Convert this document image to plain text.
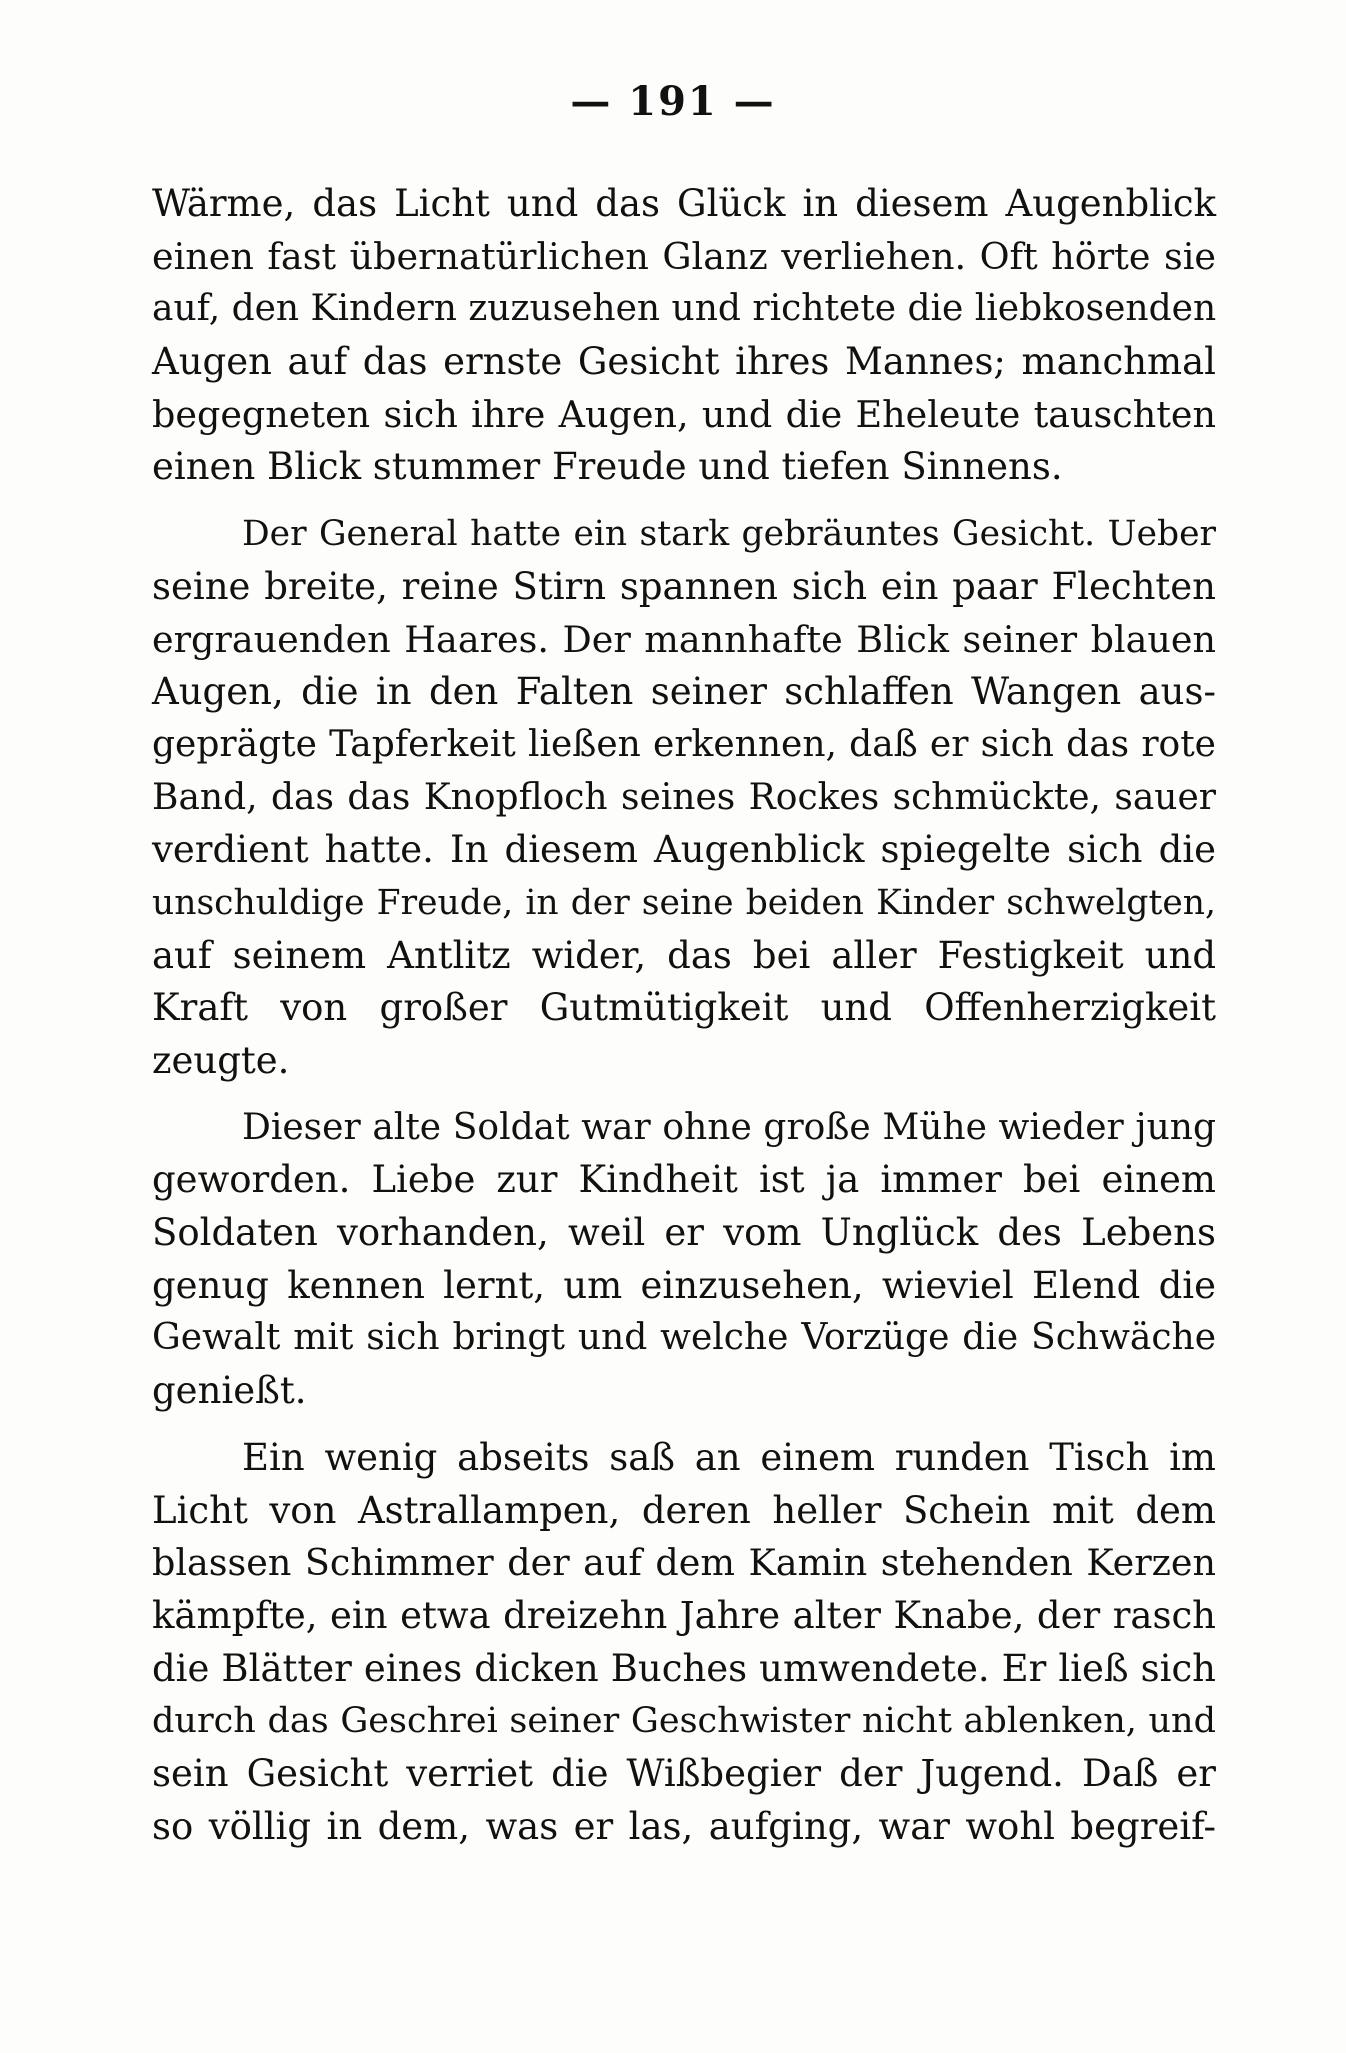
— 191 —
Wärme, das Licht und das Glück in diesem Augenblick
einen fast übernatürlichen Glanz verliehen. Oft hörte sie
auf, den Kindern zuzusehen und richtete die liebkosenden
Augen auf das ernste Gesicht ihres Mannes; manchmal
begegneten sich ihre Augen, und die Eheleute tauschten
einen Blick stummer Freude und tiefen Sinnens.
Der General hatte ein stark gebräuntes Gesicht. Ueber
seine breite, reine Stirn spannen sich ein paar Flechten
ergrauenden Haares. Der mannhafte Blick seiner blauen
Augen, die in den Falten seiner schlaffen Wangen aus-
geprägte Tapferkeit ließen erkennen, daß er sich das rote
Band, das das Knopfloch seines Rockes schmückte, sauer
verdient hatte. In diesem Augenblick spiegelte sich die
unschuldige Freude, in der seine beiden Kinder schwelgten,
auf seinem Antlitz wider, das bei aller Festigkeit und
Kraft von großer Gutmütigkeit und Offenherzigkeit
zeugte.
Dieser alte Soldat war ohne große Mühe wieder jung
geworden. Liebe zur Kindheit ist ja immer bei einem
Soldaten vorhanden, weil er vom Unglück des Lebens
genug kennen lernt, um einzusehen, wieviel Elend die
Gewalt mit sich bringt und welche Vorzüge die Schwäche
genießt.
Ein wenig abseits saß an einem runden Tisch im
Licht von Astrallampen, deren heller Schein mit dem
blassen Schimmer der auf dem Kamin stehenden Kerzen
kämpfte, ein etwa dreizehn Jahre alter Knabe, der rasch
die Blätter eines dicken Buches umwendete. Er ließ sich
durch das Geschrei seiner Geschwister nicht ablenken, und
sein Gesicht verriet die Wißbegier der Jugend. Daß er
so völlig in dem, was er las, aufging, war wohl begreif-
